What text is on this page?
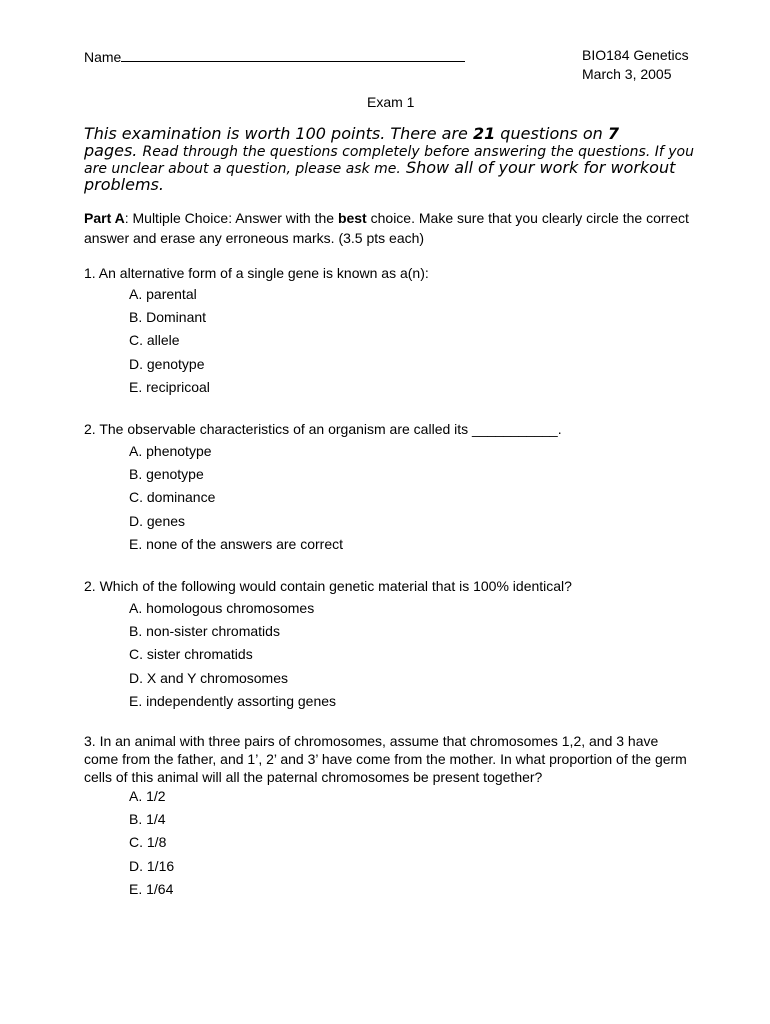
Name	BIO184 Genetics
March 3, 2005
Exam 1
This examination is worth 100 points. There are 21 questions on 7
pages. Read through the questions completely before answering the questions. If you are unclear about a question, please ask me. Show all of your work for workout problems.
Part A: Multiple Choice: Answer with the best choice. Make sure that you clearly circle the correct answer and erase any erroneous marks. (3.5 pts each)
1. An alternative form of a single gene is known as a(n):
A. parental
B. Dominant
C. allele
D. genotype
E. recipricoal
2. The observable characteristics of an organism are called its ___________.
A. phenotype
B. genotype
C. dominance
D. genes
E. none of the answers are correct
2. Which of the following would contain genetic material that is 100% identical?
A. homologous chromosomes
B. non-sister chromatids
C. sister chromatids
D. X and Y chromosomes
E. independently assorting genes
3. In an animal with three pairs of chromosomes, assume that chromosomes 1,2, and 3 have come from the father, and 1’, 2’ and 3’ have come from the mother. In what proportion of the germ cells of this animal will all the paternal chromosomes be present together?
A. 1/2
B. 1/4
C. 1/8
D. 1/16
E. 1/64
